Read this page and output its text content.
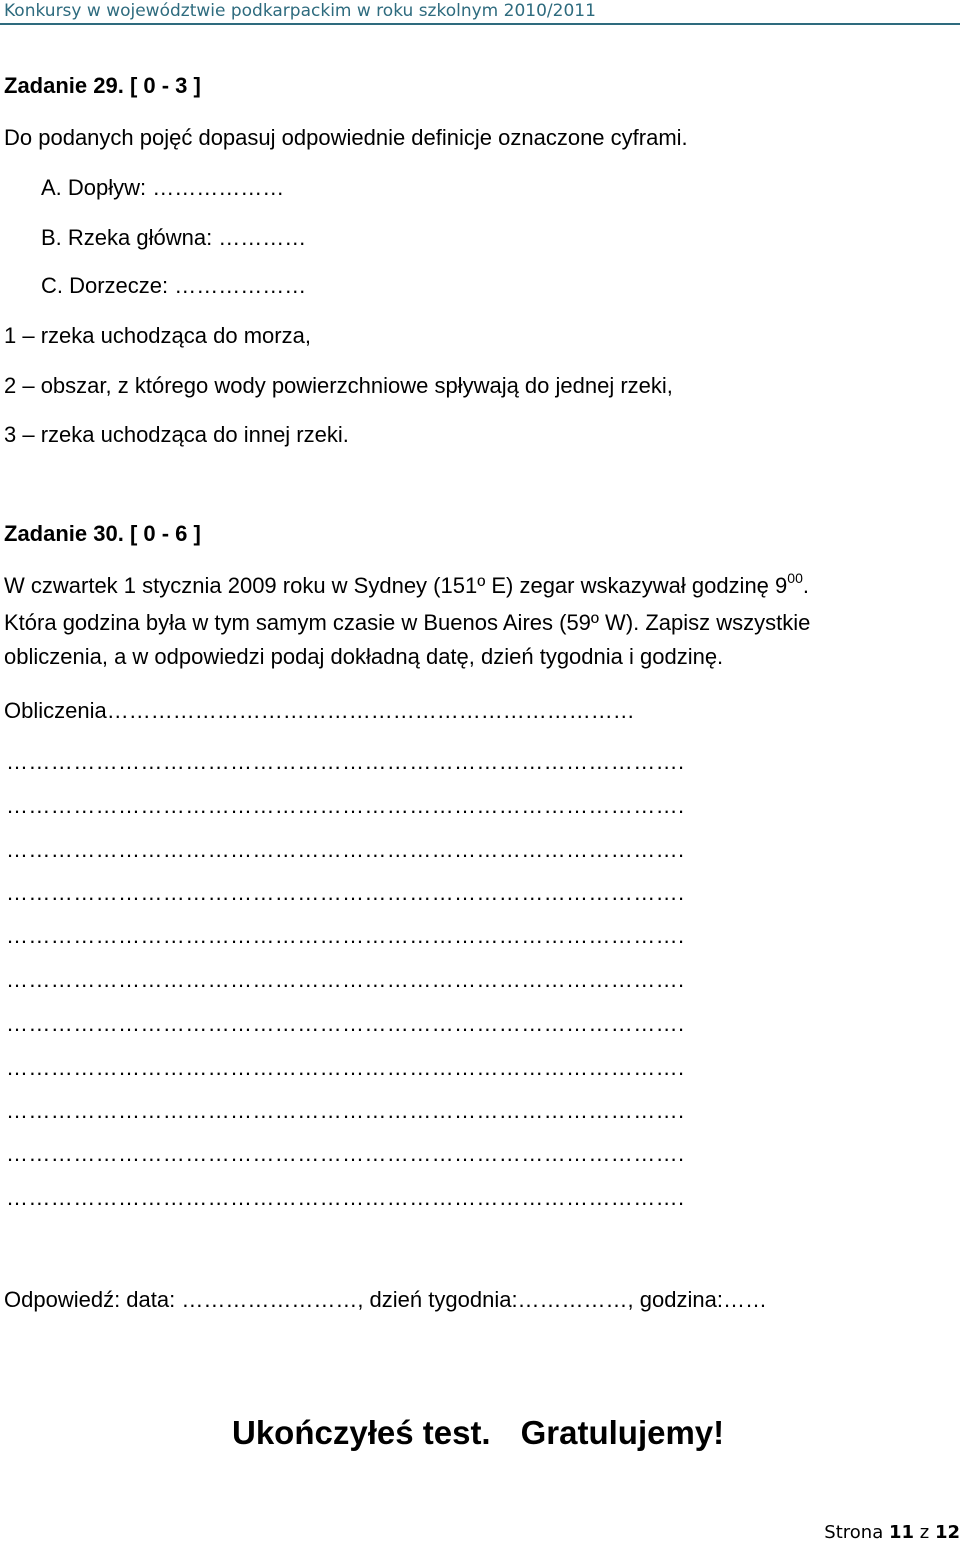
Konkursy w województwie podkarpackim w roku szkolnym 2010/2011
Zadanie 29. [ 0 - 3 ]
Do podanych pojęć dopasuj odpowiednie definicje oznaczone cyframi.
A. Dopływ: ………………
B. Rzeka główna: …………
C. Dorzecze: ………………
1 – rzeka uchodząca do morza,
2 – obszar, z którego wody powierzchniowe spływają do jednej rzeki,
3 – rzeka uchodząca do innej rzeki.
Zadanie 30. [ 0 - 6 ]
W czwartek 1 stycznia 2009 roku w Sydney (151º E) zegar wskazywał godzinę $9^{00}$.
Która godzina była w tym samym czasie w Buenos Aires (59º W). Zapisz wszystkie
obliczenia, a w odpowiedzi podaj dokładną datę, dzień tygodnia i godzinę.
Obliczenia………………………………………………………………
……………………………………………………………………………….
……………………………………………………………………………….
……………………………………………………………………………….
……………………………………………………………………………….
……………………………………………………………………………….
……………………………………………………………………………….
……………………………………………………………………………….
……………………………………………………………………………….
……………………………………………………………………………….
……………………………………………………………………………….
……………………………………………………………………………….
Odpowiedź: data: ……………………, dzień tygodnia:……………, godzina:……
Ukończyłeś test. Gratulujemy!
Strona 11 z 12
